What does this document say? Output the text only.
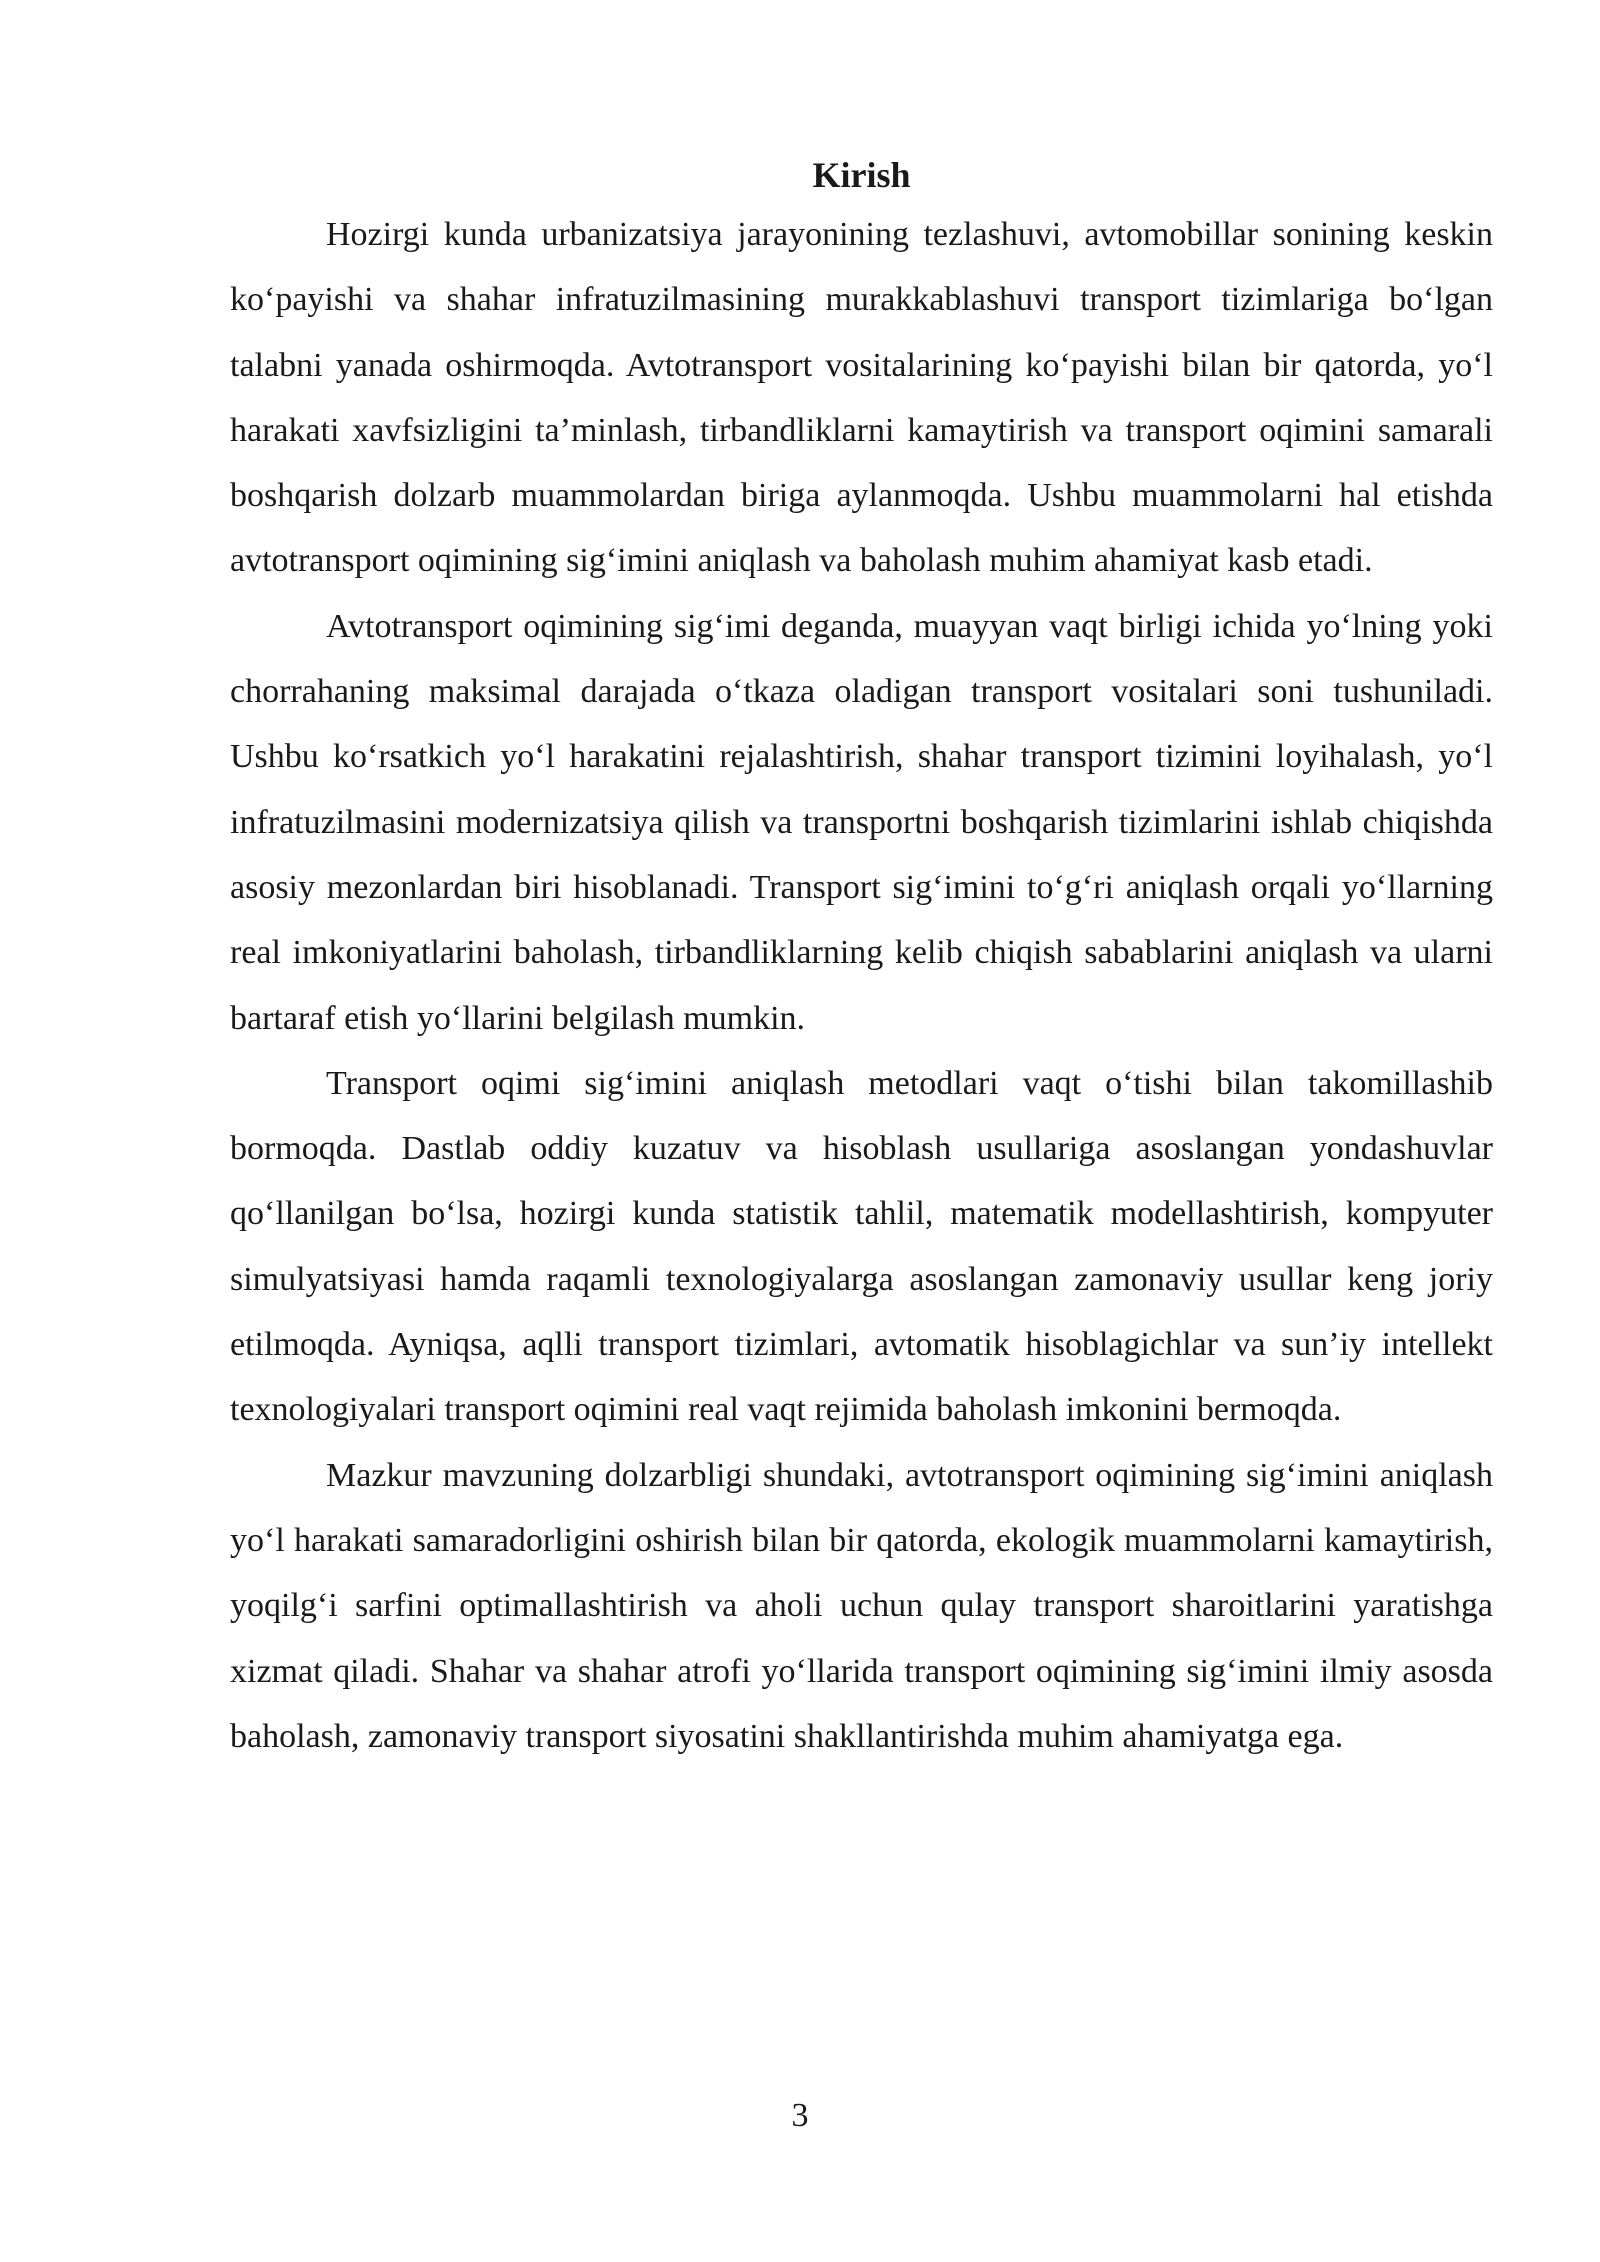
Kirish

Hozirgi kunda urbanizatsiya jarayonining tezlashuvi, avtomobillar sonining keskin ko‘payishi va shahar infratuzilmasining murakkablashuvi transport tizimlariga bo‘lgan talabni yanada oshirmoqda. Avtotransport vositalarining ko‘payishi bilan bir qatorda, yo‘l harakati xavfsizligini ta’minlash, tirbandliklarni kamaytirish va transport oqimini samarali boshqarish dolzarb muammolardan biriga aylanmoqda. Ushbu muammolarni hal etishda avtotransport oqimining sig‘imini aniqlash va baholash muhim ahamiyat kasb etadi.

Avtotransport oqimining sig‘imi deganda, muayyan vaqt birligi ichida yo‘lning yoki chorrahaning maksimal darajada o‘tkaza oladigan transport vositalari soni tushuniladi. Ushbu ko‘rsatkich yo‘l harakatini rejalashtirish, shahar transport tizimini loyihalash, yo‘l infratuzilmasini modernizatsiya qilish va transportni boshqarish tizimlarini ishlab chiqishda asosiy mezonlardan biri hisoblanadi. Transport sig‘imini to‘g‘ri aniqlash orqali yo‘llarning real imkoniyatlarini baholash, tirbandliklarning kelib chiqish sabablarini aniqlash va ularni bartaraf etish yo‘llarini belgilash mumkin.

Transport oqimi sig‘imini aniqlash metodlari vaqt o‘tishi bilan takomillashib bormoqda. Dastlab oddiy kuzatuv va hisoblash usullariga asoslangan yondashuvlar qo‘llanilgan bo‘lsa, hozirgi kunda statistik tahlil, matematik modellashtirish, kompyuter simulyatsiyasi hamda raqamli texnologiyalarga asoslangan zamonaviy usullar keng joriy etilmoqda. Ayniqsa, aqlli transport tizimlari, avtomatik hisoblagichlar va sun’iy intellekt texnologiyalari transport oqimini real vaqt rejimida baholash imkonini bermoqda.

Mazkur mavzuning dolzarbligi shundaki, avtotransport oqimining sig‘imini aniqlash yo‘l harakati samaradorligini oshirish bilan bir qatorda, ekologik muammolarni kamaytirish, yoqilg‘i sarfini optimallashtirish va aholi uchun qulay transport sharoitlarini yaratishga xizmat qiladi. Shahar va shahar atrofi yo‘llarida transport oqimining sig‘imini ilmiy asosda baholash, zamonaviy transport siyosatini shakllantirishda muhim ahamiyatga ega.

3
